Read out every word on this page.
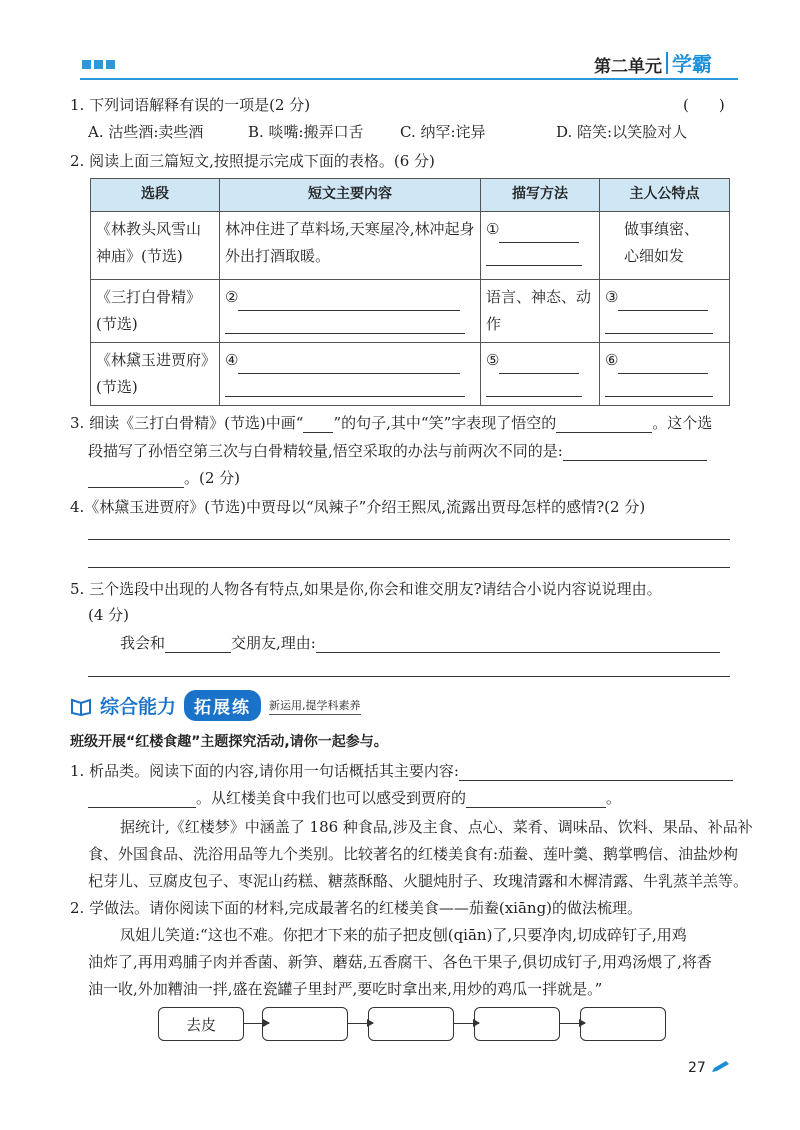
第二单元 学霸
1. 下列词语解释有误的一项是(2 分)	(　　)
A. 沽些酒:卖些酒	B. 啖嘴:搬弄口舌 C. 纳罕:诧异	D. 陪笑:以笑脸对人
2. 阅读上面三篇短文,按照提示完成下面的表格。(6 分)
选段	短文主要内容	描写方法	主人公特点
《林教头风雪山神庙》(节选)	林冲住进了草料场,天寒屋冷,林冲起身外出打酒取暖。	①	做事缜密、心细如发
《三打白骨精》(节选)	②	语言、神态、动作	③

《林黛玉进贾府》(节选)	④	⑤	⑥
3. 细读《三打白骨精》(节选)中画“ ”的句子,其中“笑”字表现了悟空的	。这个选
段描写了孙悟空第三次与白骨精较量,悟空采取的办法与前两次不同的是:
。(2 分)
4.《林黛玉进贾府》(节选)中贾母以“凤辣子”介绍王熙凤,流露出贾母怎样的感情?(2 分)
5. 三个选段中出现的人物各有特点,如果是你,你会和谁交朋友?请结合小说内容说说理由。
(4 分)
我会和	交朋友,理由:
综合能力	拓展练	新运用,提学科素养
班级开展“红楼食趣”主题探究活动,请你一起参与。
1. 析品类。阅读下面的内容,请你用一句话概括其主要内容:
。从红楼美食中我们也可以感受到贾府的	。
据统计,《红楼梦》中涵盖了 186 种食品,涉及主食、点心、菜肴、调味品、饮料、果品、补品补
食、外国食品、洗浴用品等九个类别。比较著名的红楼美食有:茄鲞、莲叶羹、鹅掌鸭信、油盐炒枸
杞芽儿、豆腐皮包子、枣泥山药糕、糖蒸酥酪、火腿炖肘子、玫瑰清露和木樨清露、牛乳蒸羊羔等。
2. 学做法。请你阅读下面的材料,完成最著名的红楼美食——茄鲞(xiāng)的做法梳理。
凤姐儿笑道:“这也不难。你把才下来的茄子把皮刨(qiān)了,只要净肉,切成碎钉子,用鸡
油炸了,再用鸡脯子肉并香菌、新笋、蘑菇,五香腐干、各色干果子,俱切成钉子,用鸡汤煨了,将香
油一收,外加糟油一拌,盛在瓷罐子里封严,要吃时拿出来,用炒的鸡瓜一拌就是。”
去皮
27
